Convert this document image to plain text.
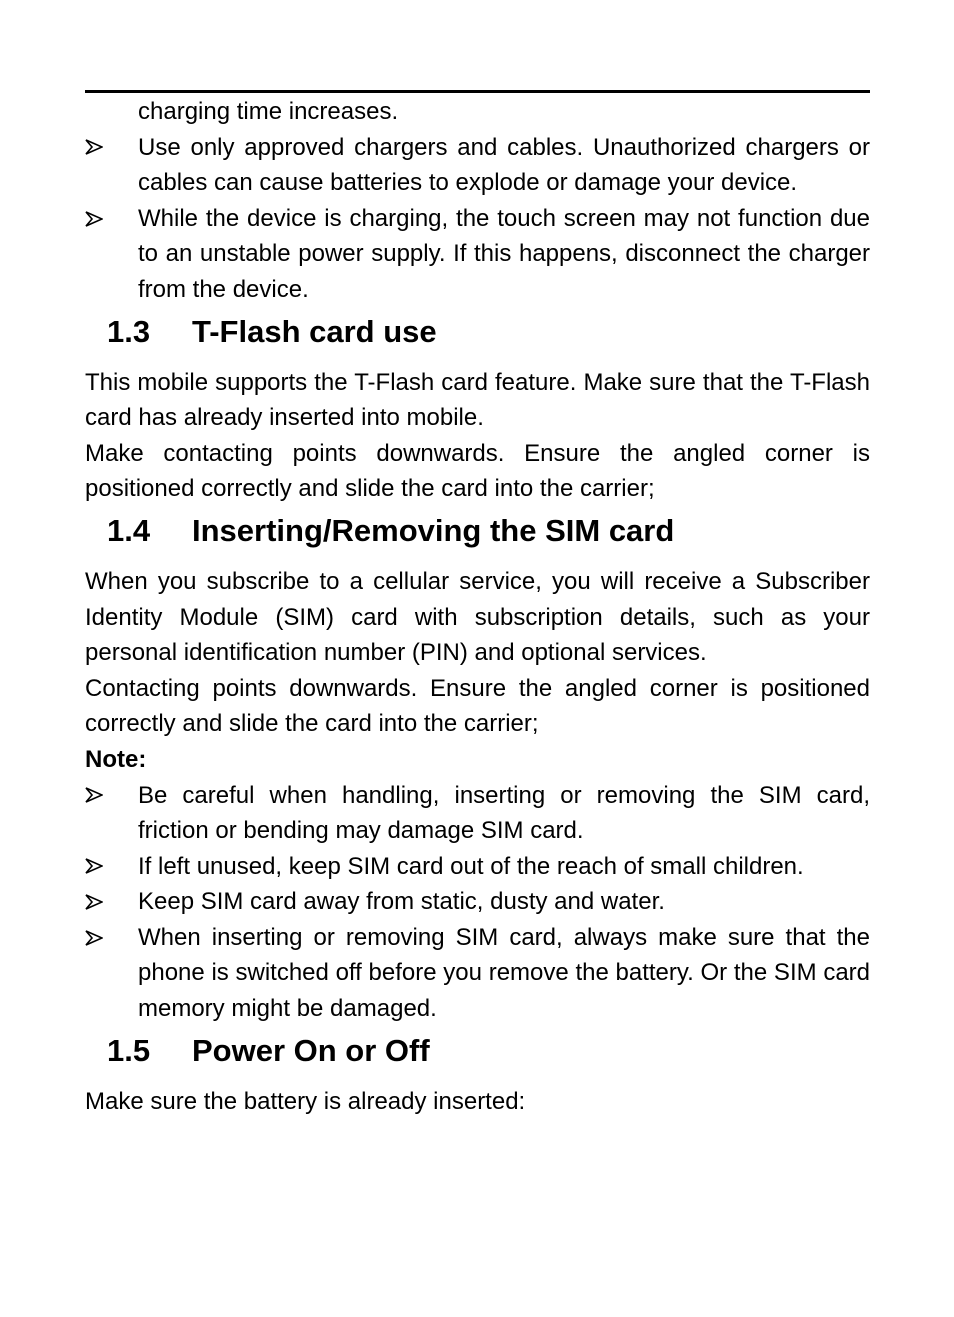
charging time increases.

Use only approved chargers and cables. Unauthorized chargers or cables can cause batteries to explode or damage your device.
While the device is charging, the touch screen may not function due to an unstable power supply. If this happens, disconnect the charger from the device.
1.3 T-Flash card use

This mobile supports the T-Flash card feature. Make sure that the T-Flash card has already inserted into mobile.

Make contacting points downwards. Ensure the angled corner is positioned correctly and slide the card into the carrier;

1.4 Inserting/Removing the SIM card

When you subscribe to a cellular service, you will receive a Subscriber Identity Module (SIM) card with subscription details, such as your personal identification number (PIN) and optional services.

Contacting points downwards. Ensure the angled corner is positioned correctly and slide the card into the carrier;

Note:

Be careful when handling, inserting or removing the SIM card, friction or bending may damage SIM card.
If left unused, keep SIM card out of the reach of small children.
Keep SIM card away from static, dusty and water.
When inserting or removing SIM card, always make sure that the phone is switched off before you remove the battery. Or the SIM card memory might be damaged.
1.5 Power On or Off

Make sure the battery is already inserted:
